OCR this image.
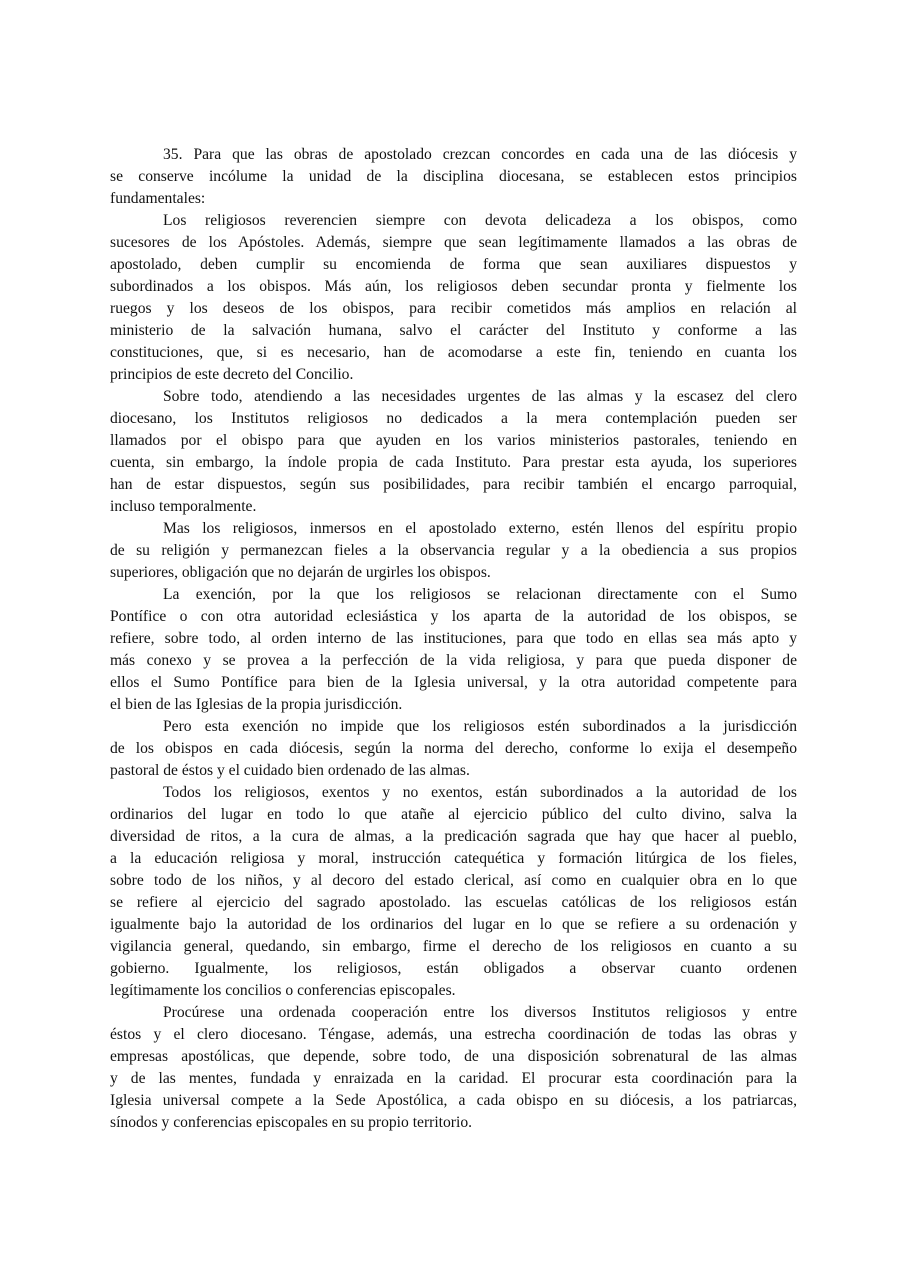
35. Para que las obras de apostolado crezcan concordes en cada una de las diócesis y
se conserve incólume la unidad de la disciplina diocesana, se establecen estos principios
fundamentales:
Los religiosos reverencien siempre con devota delicadeza a los obispos, como
sucesores de los Apóstoles. Además, siempre que sean legítimamente llamados a las obras de
apostolado, deben cumplir su encomienda de forma que sean auxiliares dispuestos y
subordinados a los obispos. Más aún, los religiosos deben secundar pronta y fielmente los
ruegos y los deseos de los obispos, para recibir cometidos más amplios en relación al
ministerio de la salvación humana, salvo el carácter del Instituto y conforme a las
constituciones, que, si es necesario, han de acomodarse a este fin, teniendo en cuanta los
principios de este decreto del Concilio.
Sobre todo, atendiendo a las necesidades urgentes de las almas y la escasez del clero
diocesano, los Institutos religiosos no dedicados a la mera contemplación pueden ser
llamados por el obispo para que ayuden en los varios ministerios pastorales, teniendo en
cuenta, sin embargo, la índole propia de cada Instituto. Para prestar esta ayuda, los superiores
han de estar dispuestos, según sus posibilidades, para recibir también el encargo parroquial,
incluso temporalmente.
Mas los religiosos, inmersos en el apostolado externo, estén llenos del espíritu propio
de su religión y permanezcan fieles a la observancia regular y a la obediencia a sus propios
superiores, obligación que no dejarán de urgirles los obispos.
La exención, por la que los religiosos se relacionan directamente con el Sumo
Pontífice o con otra autoridad eclesiástica y los aparta de la autoridad de los obispos, se
refiere, sobre todo, al orden interno de las instituciones, para que todo en ellas sea más apto y
más conexo y se provea a la perfección de la vida religiosa, y para que pueda disponer de
ellos el Sumo Pontífice para bien de la Iglesia universal, y la otra autoridad competente para
el bien de las Iglesias de la propia jurisdicción.
Pero esta exención no impide que los religiosos estén subordinados a la jurisdicción
de los obispos en cada diócesis, según la norma del derecho, conforme lo exija el desempeño
pastoral de éstos y el cuidado bien ordenado de las almas.
Todos los religiosos, exentos y no exentos, están subordinados a la autoridad de los
ordinarios del lugar en todo lo que atañe al ejercicio público del culto divino, salva la
diversidad de ritos, a la cura de almas, a la predicación sagrada que hay que hacer al pueblo,
a la educación religiosa y moral, instrucción catequética y formación litúrgica de los fieles,
sobre todo de los niños, y al decoro del estado clerical, así como en cualquier obra en lo que
se refiere al ejercicio del sagrado apostolado. las escuelas católicas de los religiosos están
igualmente bajo la autoridad de los ordinarios del lugar en lo que se refiere a su ordenación y
vigilancia general, quedando, sin embargo, firme el derecho de los religiosos en cuanto a su
gobierno. Igualmente, los religiosos, están obligados a observar cuanto ordenen
legítimamente los concilios o conferencias episcopales.
Procúrese una ordenada cooperación entre los diversos Institutos religiosos y entre
éstos y el clero diocesano. Téngase, además, una estrecha coordinación de todas las obras y
empresas apostólicas, que depende, sobre todo, de una disposición sobrenatural de las almas
y de las mentes, fundada y enraizada en la caridad. El procurar esta coordinación para la
Iglesia universal compete a la Sede Apostólica, a cada obispo en su diócesis, a los patriarcas,
sínodos y conferencias episcopales en su propio territorio.
